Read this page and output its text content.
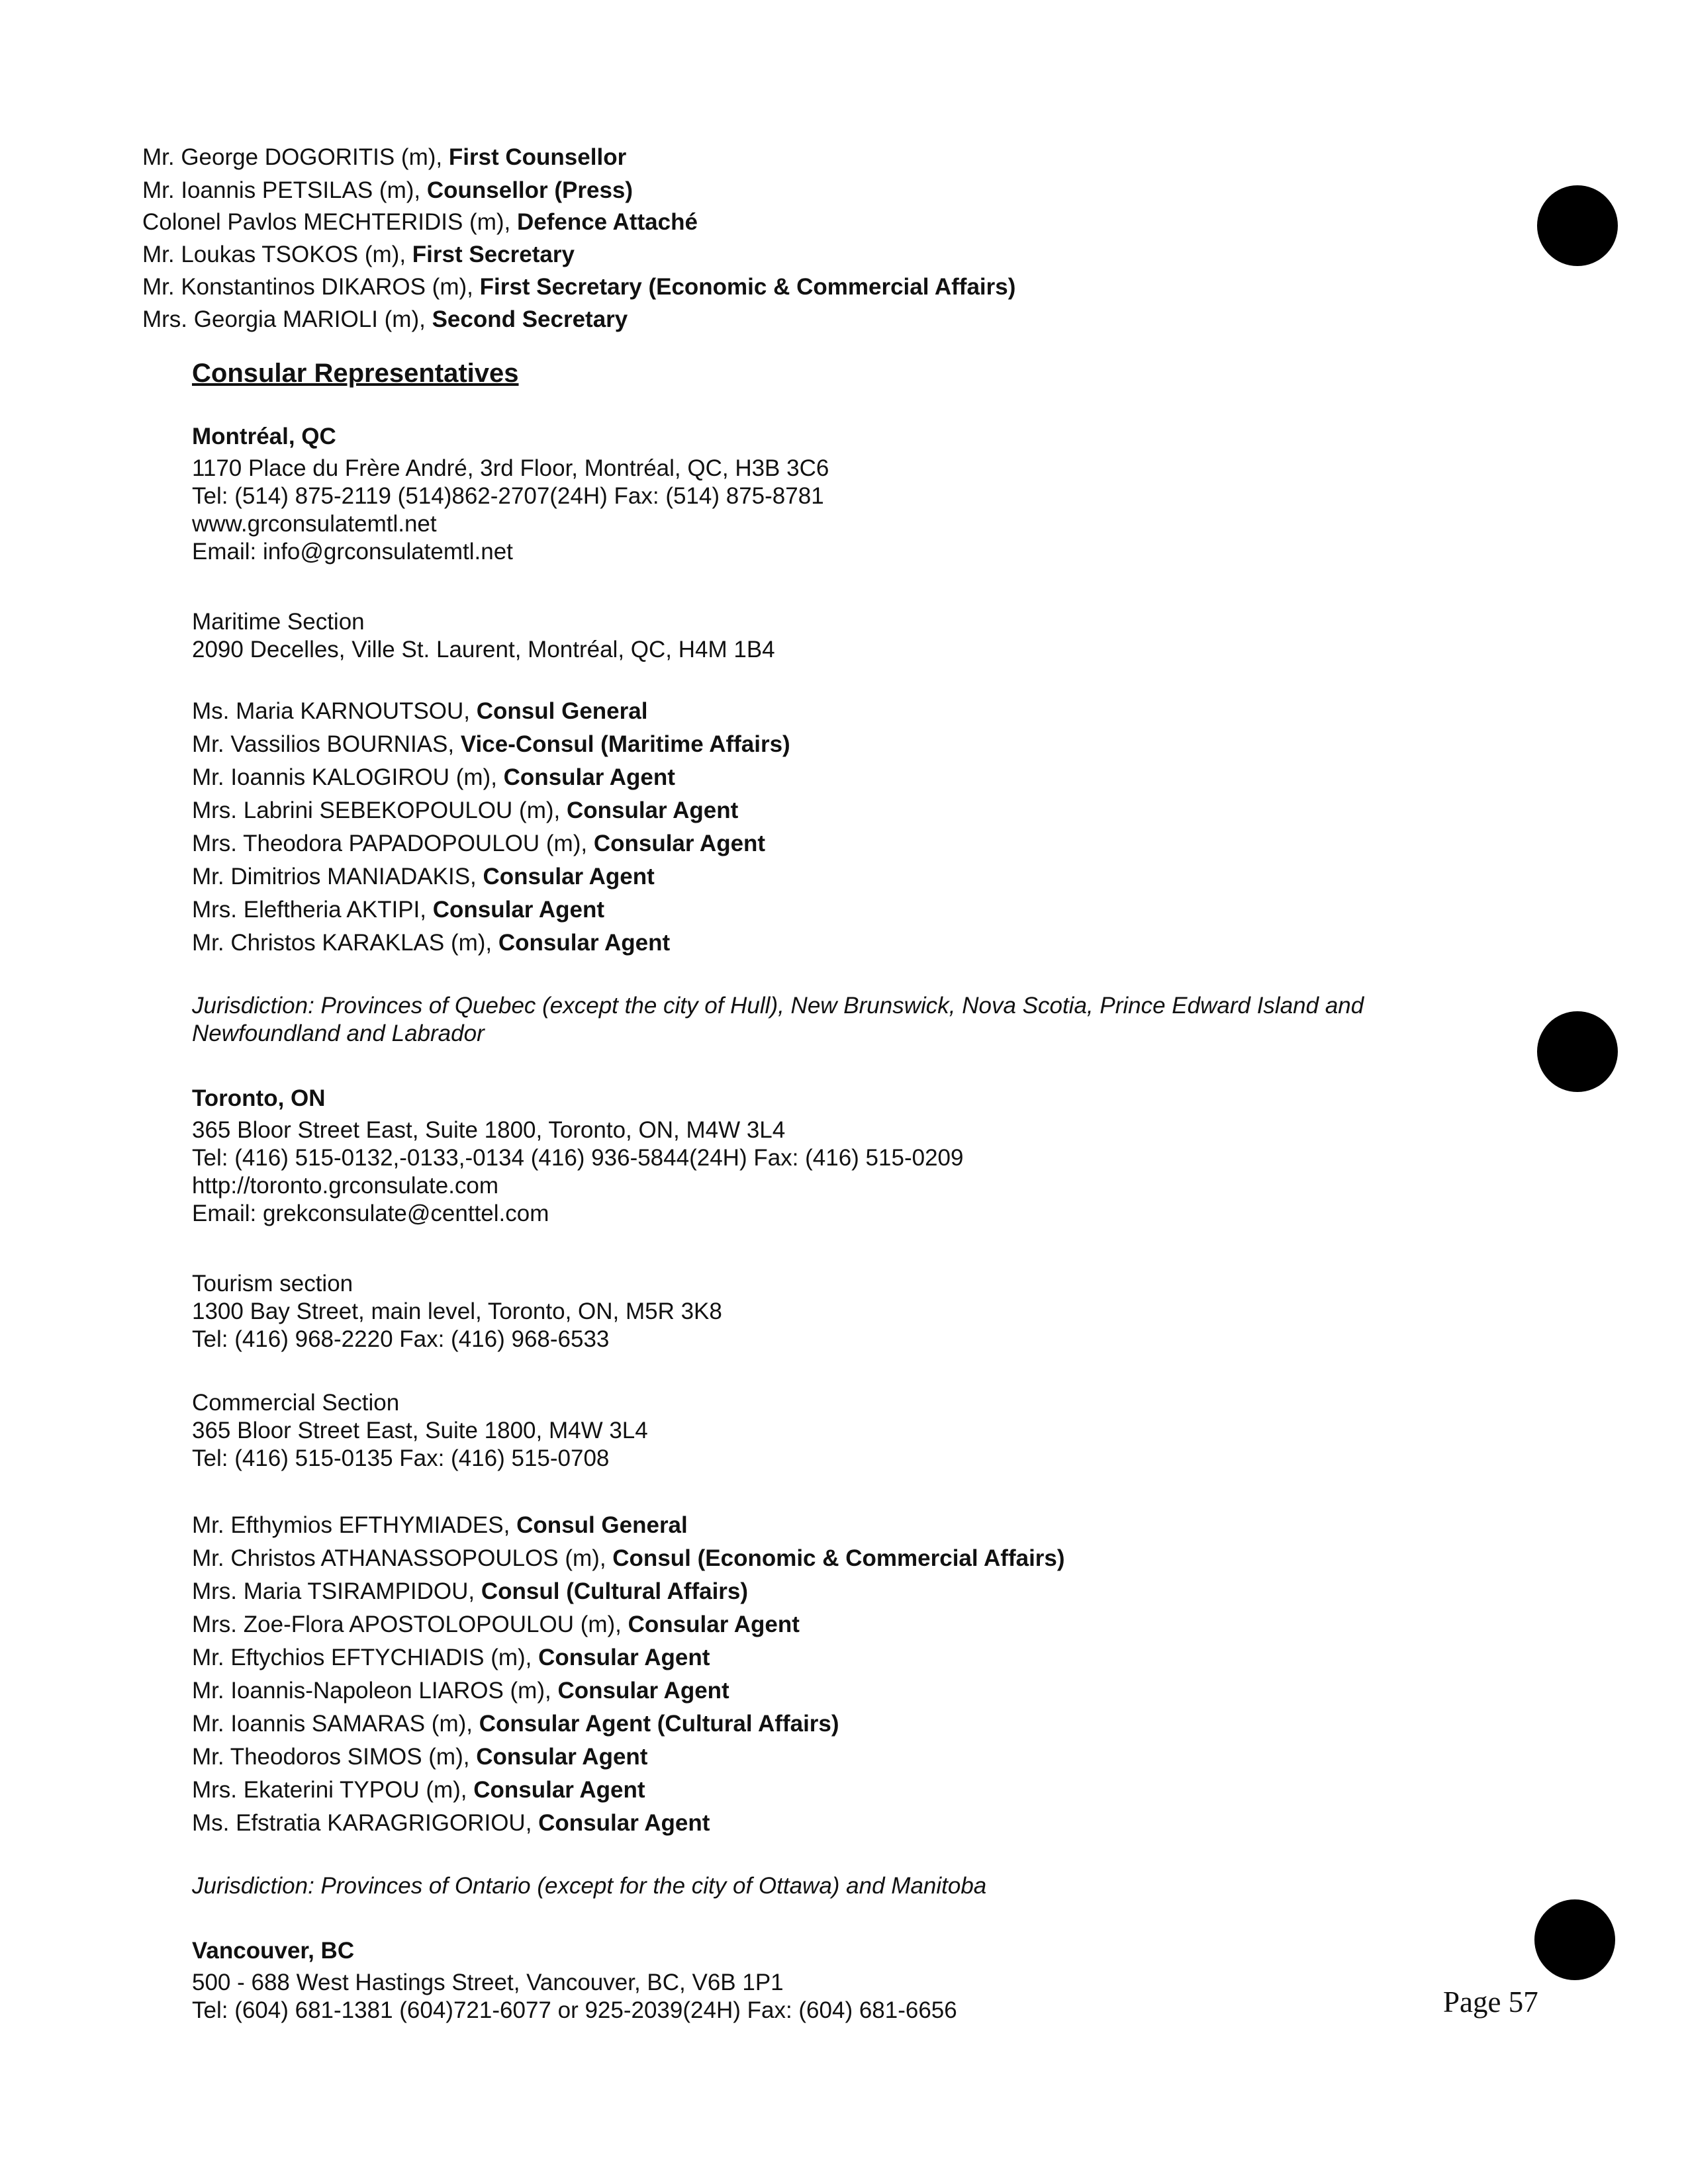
Mr. George DOGORITIS (m), First Counsellor
Mr. Ioannis PETSILAS (m), Counsellor (Press)
Colonel Pavlos MECHTERIDIS (m), Defence Attaché
Mr. Loukas TSOKOS (m), First Secretary
Mr. Konstantinos DIKAROS (m), First Secretary (Economic & Commercial Affairs)
Mrs. Georgia MARIOLI (m), Second Secretary
Consular Representatives
Montréal, QC
1170 Place du Frère André, 3rd Floor, Montréal, QC, H3B 3C6
Tel: (514) 875-2119 (514)862-2707(24H) Fax: (514) 875-8781
www.grconsulatemtl.net
Email: info@grconsulatemtl.net
Maritime Section
2090 Decelles, Ville St. Laurent, Montréal, QC, H4M 1B4
Ms. Maria KARNOUTSOU, Consul General
Mr. Vassilios BOURNIAS, Vice-Consul (Maritime Affairs)
Mr. Ioannis KALOGIROU (m), Consular Agent
Mrs. Labrini SEBEKOPOULOU (m), Consular Agent
Mrs. Theodora PAPADOPOULOU (m), Consular Agent
Mr. Dimitrios MANIADAKIS, Consular Agent
Mrs. Eleftheria AKTIPI, Consular Agent
Mr. Christos KARAKLAS (m), Consular Agent
Jurisdiction: Provinces of Quebec (except the city of Hull), New Brunswick, Nova Scotia, Prince Edward Island and
Newfoundland and Labrador
Toronto, ON
365 Bloor Street East, Suite 1800, Toronto, ON, M4W 3L4
Tel: (416) 515-0132,-0133,-0134 (416) 936-5844(24H) Fax: (416) 515-0209
http://toronto.grconsulate.com
Email: grekconsulate@centtel.com
Tourism section
1300 Bay Street, main level, Toronto, ON, M5R 3K8
Tel: (416) 968-2220 Fax: (416) 968-6533
Commercial Section
365 Bloor Street East, Suite 1800, M4W 3L4
Tel: (416) 515-0135 Fax: (416) 515-0708
Mr. Efthymios EFTHYMIADES, Consul General
Mr. Christos ATHANASSOPOULOS (m), Consul (Economic & Commercial Affairs)
Mrs. Maria TSIRAMPIDOU, Consul (Cultural Affairs)
Mrs. Zoe-Flora APOSTOLOPOULOU (m), Consular Agent
Mr. Eftychios EFTYCHIADIS (m), Consular Agent
Mr. Ioannis-Napoleon LIAROS (m), Consular Agent
Mr. Ioannis SAMARAS (m), Consular Agent (Cultural Affairs)
Mr. Theodoros SIMOS (m), Consular Agent
Mrs. Ekaterini TYPOU (m), Consular Agent
Ms. Efstratia KARAGRIGORIOU, Consular Agent
Jurisdiction: Provinces of Ontario (except for the city of Ottawa) and Manitoba
Vancouver, BC
500 - 688 West Hastings Street, Vancouver, BC, V6B 1P1
Tel: (604) 681-1381 (604)721-6077 or 925-2039(24H) Fax: (604) 681-6656	Page 57
